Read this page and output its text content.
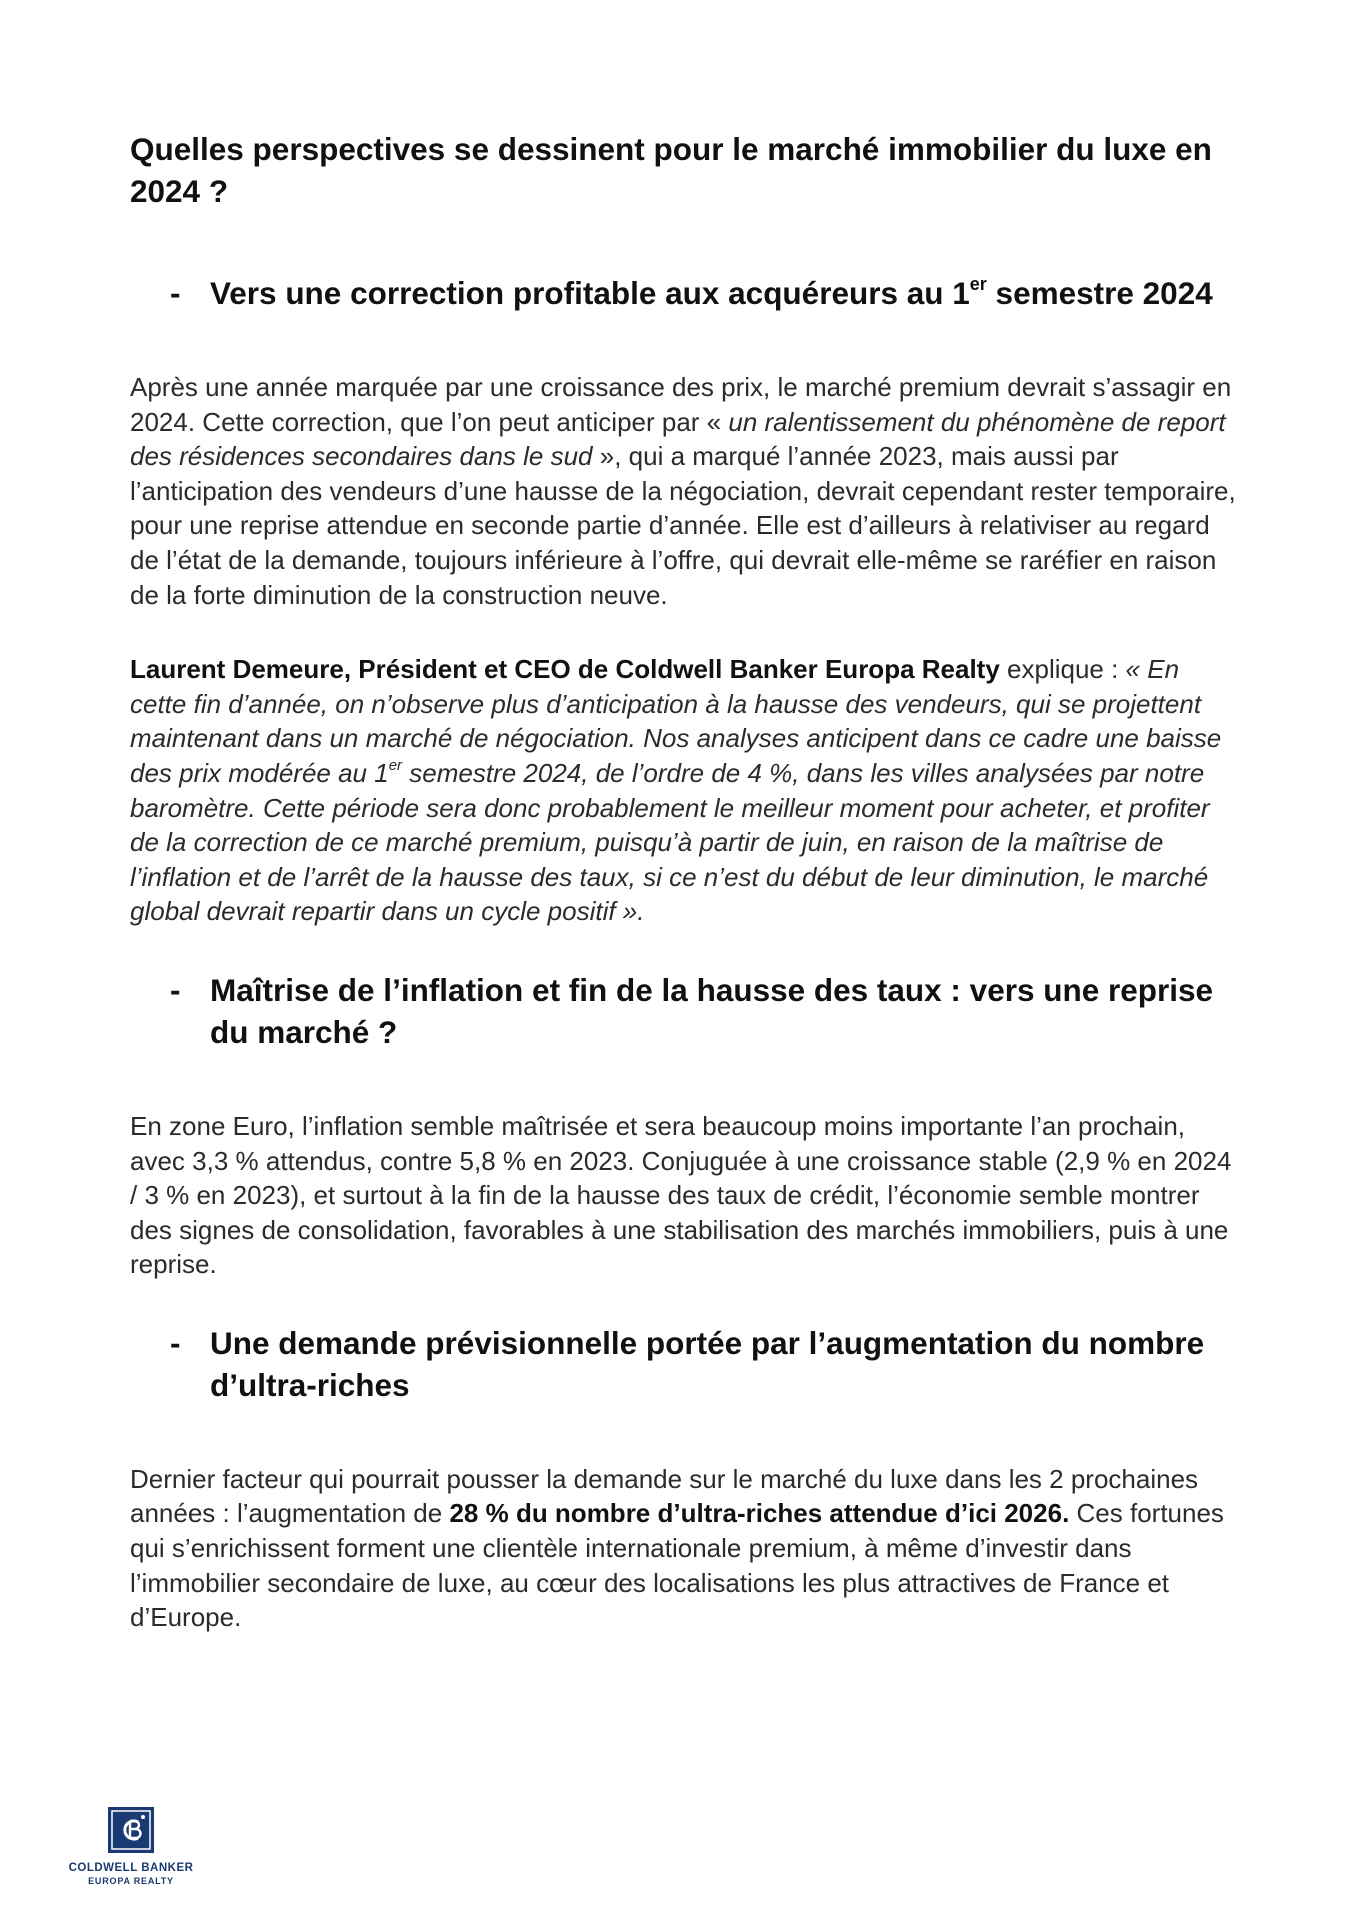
Quelles perspectives se dessinent pour le marché immobilier du luxe en 2024 ?
- Vers une correction profitable aux acquéreurs au 1er semestre 2024

Après une année marquée par une croissance des prix, le marché premium devrait s’assagir en 2024. Cette correction, que l’on peut anticiper par « un ralentissement du phénomène de report des résidences secondaires dans le sud », qui a marqué l’année 2023, mais aussi par l’anticipation des vendeurs d’une hausse de la négociation, devrait cependant rester temporaire, pour une reprise attendue en seconde partie d’année. Elle est d’ailleurs à relativiser au regard de l’état de la demande, toujours inférieure à l’offre, qui devrait elle-même se raréfier en raison de la forte diminution de la construction neuve.

Laurent Demeure, Président et CEO de Coldwell Banker Europa Realty explique : « En cette fin d’année, on n’observe plus d’anticipation à la hausse des vendeurs, qui se projettent maintenant dans un marché de négociation. Nos analyses anticipent dans ce cadre une baisse des prix modérée au 1er semestre 2024, de l’ordre de 4 %, dans les villes analysées par notre baromètre. Cette période sera donc probablement le meilleur moment pour acheter, et profiter de la correction de ce marché premium, puisqu’à partir de juin, en raison de la maîtrise de l’inflation et de l’arrêt de la hausse des taux, si ce n’est du début de leur diminution, le marché global devrait repartir dans un cycle positif ».

- Maîtrise de l’inflation et fin de la hausse des taux : vers une reprise du marché ?

En zone Euro, l’inflation semble maîtrisée et sera beaucoup moins importante l’an prochain, avec 3,3 % attendus, contre 5,8 % en 2023. Conjuguée à une croissance stable (2,9 % en 2024 / 3 % en 2023), et surtout à la fin de la hausse des taux de crédit, l’économie semble montrer des signes de consolidation, favorables à une stabilisation des marchés immobiliers, puis à une reprise.

- Une demande prévisionnelle portée par l’augmentation du nombre d’ultra-riches

Dernier facteur qui pourrait pousser la demande sur le marché du luxe dans les 2 prochaines années : l’augmentation de 28 % du nombre d’ultra-riches attendue d’ici 2026. Ces fortunes qui s’enrichissent forment une clientèle internationale premium, à même d’investir dans l’immobilier secondaire de luxe, au cœur des localisations les plus attractives de France et d’Europe.

COLDWELL BANKER
EUROPA REALTY
